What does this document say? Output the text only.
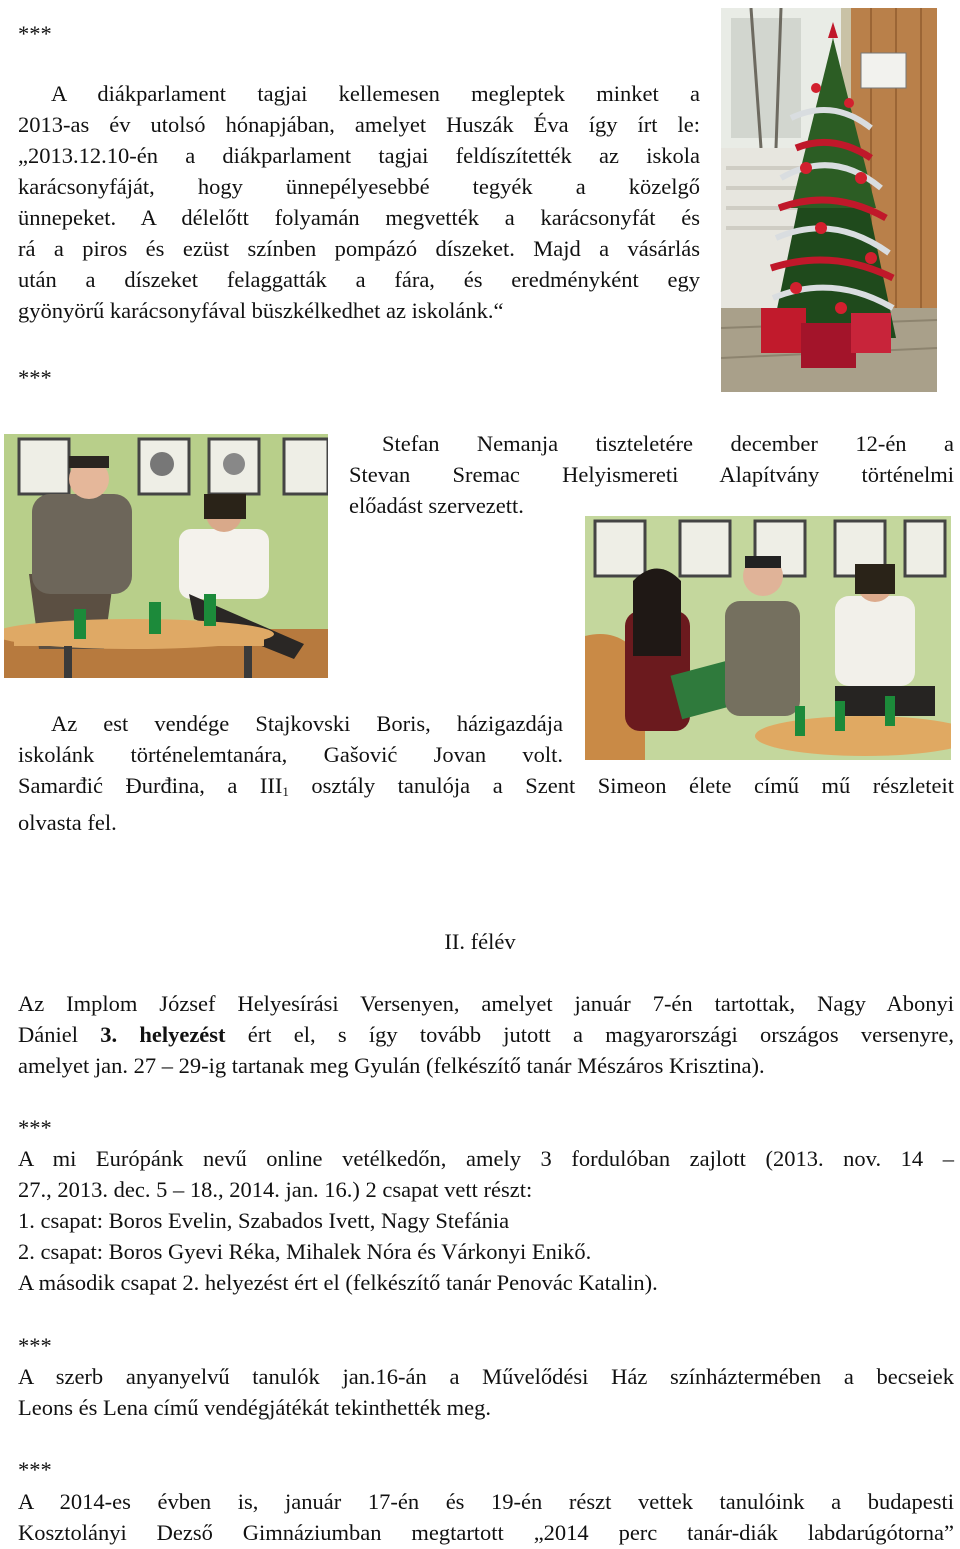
***
A diákparlament tagjai kellemesen megleptek minket a
2013-as év utolsó hónapjában, amelyet Huszák Éva így írt le:
„2013.12.10-én a diákparlament tagjai feldíszítették az iskola
karácsonyfáját, hogy ünnepélyesebbé tegyék a közelgő
ünnepeket. A délelőtt folyamán megvették a karácsonyfát és
rá a piros és ezüst színben pompázó díszeket. Majd a vásárlás
után a díszeket felaggatták a fára, és eredményként egy
gyönyörű karácsonyfával büszkélkedhet az iskolánk.“
***
Stefan Nemanja tiszteletére december 12-én a
Stevan Sremac Helyismereti Alapítvány történelmi
előadást szervezett.
Az est vendége Stajkovski Boris, házigazdája
iskolánk történelemtanára, Gašović Jovan volt.
Samarđić Đurđina, a $III_1$ osztály tanulója a Szent Simeon élete című mű részleteit
olvasta fel.
II. félév
Az Implom József Helyesírási Versenyen, amelyet január 7-én tartottak, Nagy Abonyi
Dániel 3. helyezést ért el, s így tovább jutott a magyarországi országos versenyre,
amelyet jan. 27 – 29-ig tartanak meg Gyulán (felkészítő tanár Mészáros Krisztina).
***
A mi Európánk nevű online vetélkedőn, amely 3 fordulóban zajlott (2013. nov. 14 –
27., 2013. dec. 5 – 18., 2014. jan. 16.) 2 csapat vett részt:
1. csapat: Boros Evelin, Szabados Ivett, Nagy Stefánia
2. csapat: Boros Gyevi Réka, Mihalek Nóra és Várkonyi Enikő.
A második csapat 2. helyezést ért el (felkészítő tanár Penovác Katalin).
***
A szerb anyanyelvű tanulók jan.16-án a Művelődési Ház színháztermében a becseiek
Leons és Lena című vendégjátékát tekinthették meg.
***
A 2014-es évben is, január 17-én és 19-én részt vettek tanulóink a budapesti
Kosztolányi Dezső Gimnáziumban megtartott „2014 perc tanár-diák labdarúgótorna”
